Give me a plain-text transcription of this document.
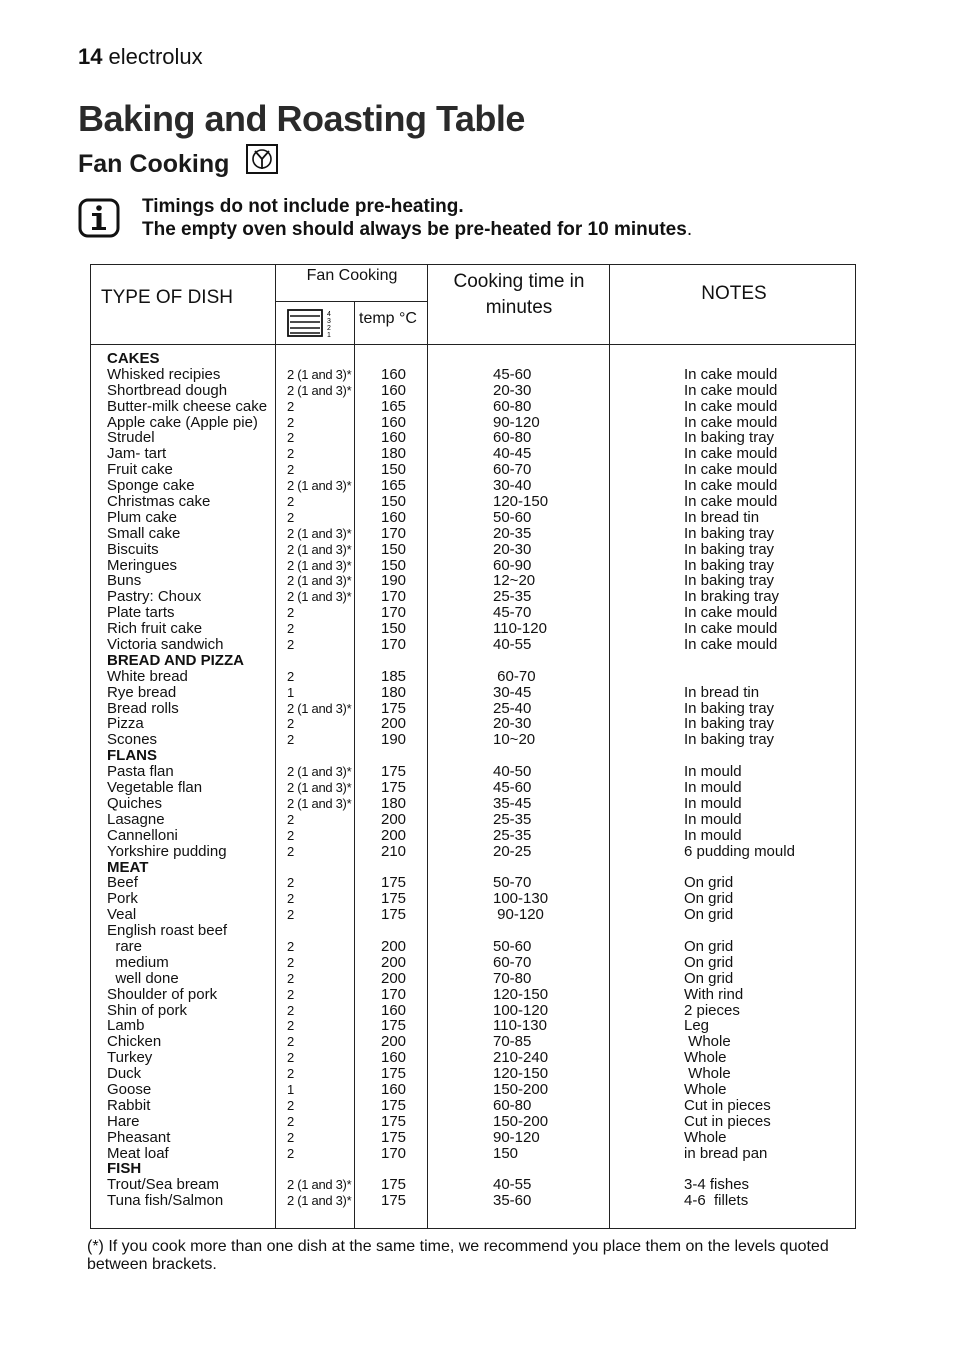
14 electrolux
Baking and Roasting Table
Fan Cooking
Timings do not include pre-heating.
The empty oven should always be pre-heated for 10 minutes.
TYPE OF DISH
Fan Cooking
4
3
2
1
temp °C
Cooking time in minutes
NOTES
CAKES
Whisked recipies	2 (1 and 3)* 160	45-60	In cake mould
Shortbread dough	2 (1 and 3)* 160	20-30	In cake mould
Butter-milk cheese cake 2	165	60-80	In cake mould
Apple cake (Apple pie) 2	160	90-120	In cake mould
Strudel	2	160	60-80	In baking tray
Jam- tart	2	180	40-45	In cake mould
Fruit cake	2	150	60-70	In cake mould
Sponge cake	2 (1 and 3)* 165	30-40	In cake mould
Christmas cake	2	150	120-150	In cake mould
Plum cake	2	160	50-60	In bread tin
Small cake	2 (1 and 3)* 170	20-35	In baking tray
Biscuits	2 (1 and 3)* 150	20-30	In baking tray
Meringues	2 (1 and 3)* 150	60-90	In baking tray
Buns	2 (1 and 3)* 190	12~20	In baking tray
Pastry: Choux	2 (1 and 3)* 170	25-35	In braking tray
Plate tarts	2	170	45-70	In cake mould
Rich fruit cake	2	150	110-120	In cake mould
Victoria sandwich	2	170	40-55	In cake mould
BREAD AND PIZZA
White bread	2	185	60-70
Rye bread	1	180	30-45	In bread tin
Bread rolls	2 (1 and 3)* 175	25-40	In baking tray
Pizza	2	200	20-30	In baking tray
Scones	2	190	10~20	In baking tray
FLANS
Pasta flan	2 (1 and 3)* 175	40-50	In mould
Vegetable flan	2 (1 and 3)* 175	45-60	In mould
Quiches	2 (1 and 3)* 180	35-45	In mould
Lasagne	2	200	25-35	In mould
Cannelloni	2	200	25-35	In mould
Yorkshire pudding	2	210	20-25	6 pudding mould
MEAT
Beef	2	175	50-70	On grid
Pork	2	175	100-130	On grid
Veal	2	175	90-120	On grid
English roast beef
rare	2	200	50-60	On grid
medium	2	200	60-70	On grid
well done	2	200	70-80	On grid
Shoulder of pork	2	170	120-150	With rind
Shin of pork	2	160	100-120	2 pieces
Lamb	2	175	110-130	Leg
Chicken	2	200	70-85	Whole
Turkey	2	160	210-240	Whole
Duck	2	175	120-150	Whole
Goose	1	160	150-200	Whole
Rabbit	2	175	60-80	Cut in pieces
Hare	2	175	150-200	Cut in pieces
Pheasant	2	175	90-120	Whole
Meat loaf	2	170	150	in bread pan
FISH
Trout/Sea bream	2 (1 and 3)* 175	40-55	3-4 fishes
Tuna fish/Salmon	2 (1 and 3)* 175	35-60	4-6  fillets
(*) If you cook more than one dish at the same time, we recommend you place them on the levels quoted between brackets.
